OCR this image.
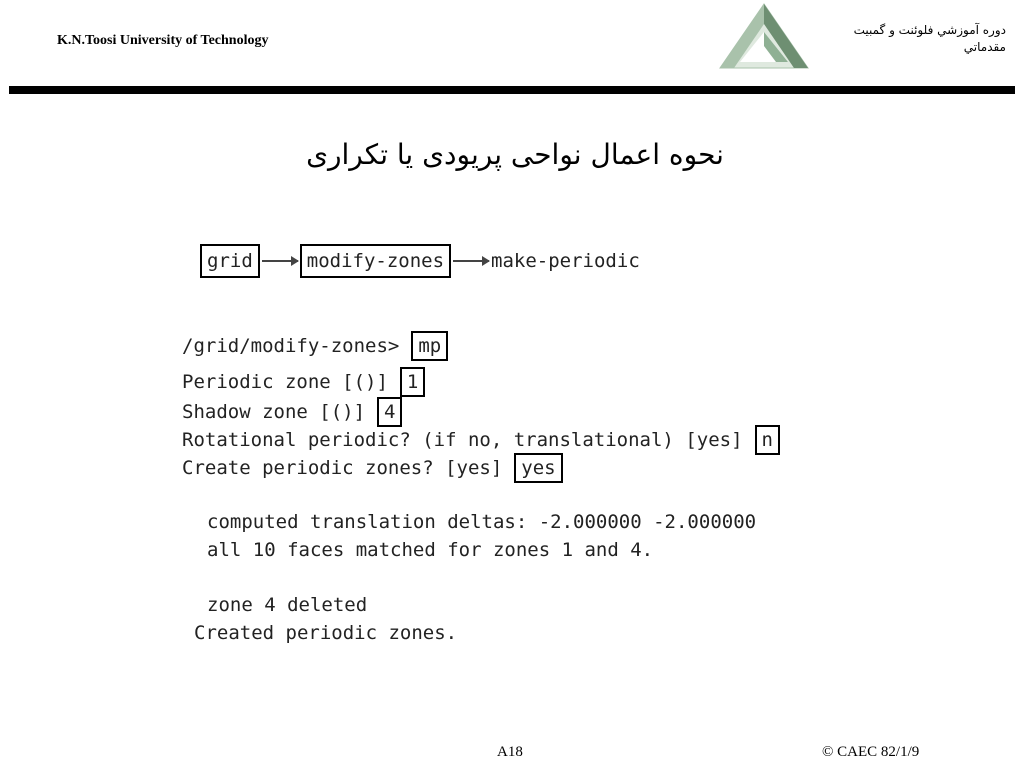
K.N.Toosi University of Technology
دوره آموزشي فلوئنت و گمبيت
مقدماتي
نحوه اعمال نواحی پریودی یا تکراری
grid	modify-zones	make-periodic
/grid/modify-zones>	mp
Periodic zone [()]	1
Shadow zone [()]	4
Rotational periodic? (if no, translational) [yes]	n
Create periodic zones? [yes]	yes
computed translation deltas: -2.000000 -2.000000
all 10 faces matched for zones 1 and 4.
zone 4 deleted
Created periodic zones.
A18	© CAEC 82/1/9
